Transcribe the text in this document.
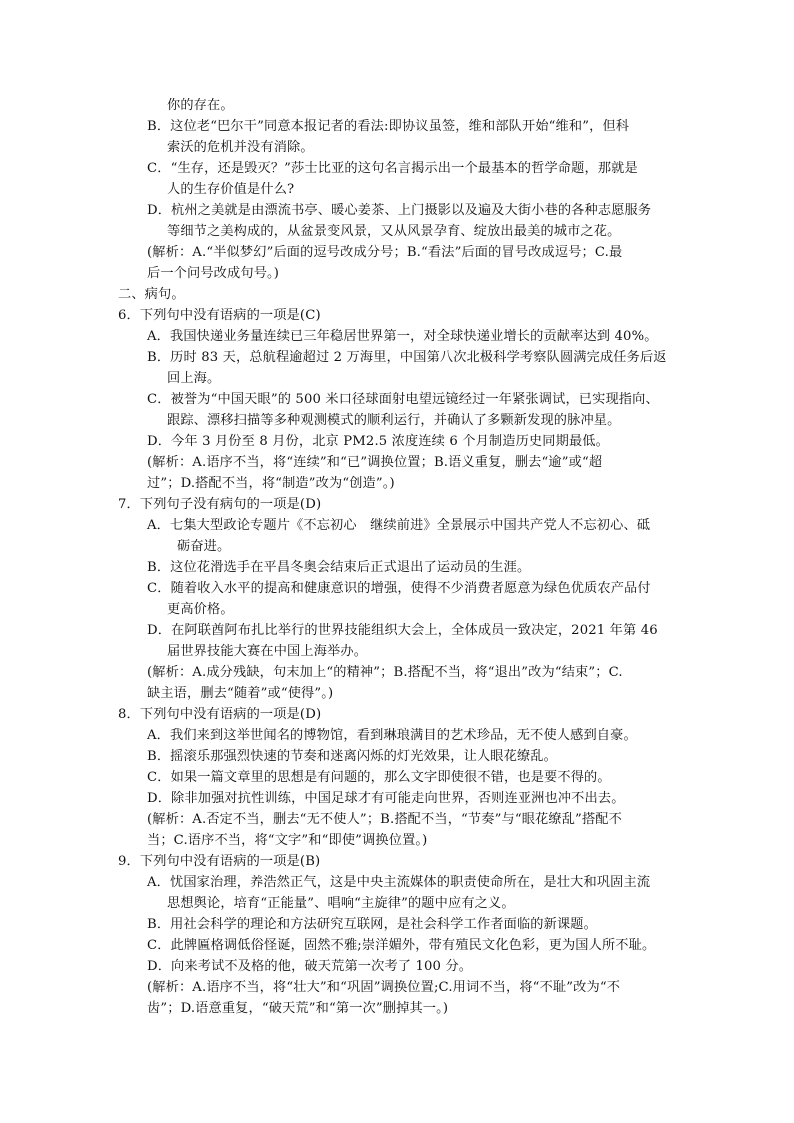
你的存在。
B．这位老“巴尔干”同意本报记者的看法:即协议虽签，维和部队开始“维和”，但科
索沃的危机并没有消除。
C．“生存，还是毁灭？”莎士比亚的这句名言揭示出一个最基本的哲学命题，那就是
人的生存价值是什么?
D．杭州之美就是由漂流书亭、暖心姜茶、上门摄影以及遍及大街小巷的各种志愿服务
等细节之美构成的，从盆景变风景，又从风景孕育、绽放出最美的城市之花。
(解析：A.“半似梦幻”后面的逗号改成分号；B.“看法”后面的冒号改成逗号；C.最
后一个问号改成句号。)
二、病句。
6．下列句中没有语病的一项是(C)
A．我国快递业务量连续已三年稳居世界第一，对全球快递业增长的贡献率达到 40%。
B．历时 83 天，总航程逾超过 2 万海里，中国第八次北极科学考察队圆满完成任务后返
回上海。
C．被誉为“中国天眼”的 500 米口径球面射电望远镜经过一年紧张调试，已实现指向、
跟踪、漂移扫描等多种观测模式的顺利运行，并确认了多颗新发现的脉冲星。
D．今年 3 月份至 8 月份，北京 PM2.5 浓度连续 6 个月制造历史同期最低。
(解析：A.语序不当，将“连续”和“已”调换位置；B.语义重复，删去“逾”或“超
过”；D.搭配不当，将“制造”改为“创造”。)
7．下列句子没有病句的一项是(D)
A．七集大型政论专题片《不忘初心　继续前进》全景展示中国共产党人不忘初心、砥
砺奋进。
B．这位花滑选手在平昌冬奥会结束后正式退出了运动员的生涯。
C．随着收入水平的提高和健康意识的增强，使得不少消费者愿意为绿色优质农产品付
更高价格。
D．在阿联酋阿布扎比举行的世界技能组织大会上，全体成员一致决定，2021 年第 46
届世界技能大赛在中国上海举办。
(解析：A.成分残缺，句末加上“的精神”；B.搭配不当，将“退出”改为“结束”；C.
缺主语，删去“随着”或“使得”。)
8．下列句中没有语病的一项是(D)
A．我们来到这举世闻名的博物馆，看到琳琅满目的艺术珍品，无不使人感到自豪。
B．摇滚乐那强烈快速的节奏和迷离闪烁的灯光效果，让人眼花缭乱。
C．如果一篇文章里的思想是有问题的，那么文字即使很不错，也是要不得的。
D．除非加强对抗性训练，中国足球才有可能走向世界，否则连亚洲也冲不出去。
(解析：A.否定不当，删去“无不使人”；B.搭配不当，“节奏”与“眼花缭乱”搭配不
当；C.语序不当，将“文字”和“即使”调换位置。)
9．下列句中没有语病的一项是(B)
A．忧国家治理，养浩然正气，这是中央主流媒体的职责使命所在，是壮大和巩固主流
思想舆论，培育“正能量”、唱响“主旋律”的题中应有之义。
B．用社会科学的理论和方法研究互联网，是社会科学工作者面临的新课题。
C．此牌匾格调低俗怪诞，固然不雅;崇洋媚外，带有殖民文化色彩，更为国人所不耻。
D．向来考试不及格的他，破天荒第一次考了 100 分。
(解析：A.语序不当，将“壮大”和“巩固”调换位置;C.用词不当，将“不耻”改为“不
齿”；D.语意重复，“破天荒”和“第一次”删掉其一。)
